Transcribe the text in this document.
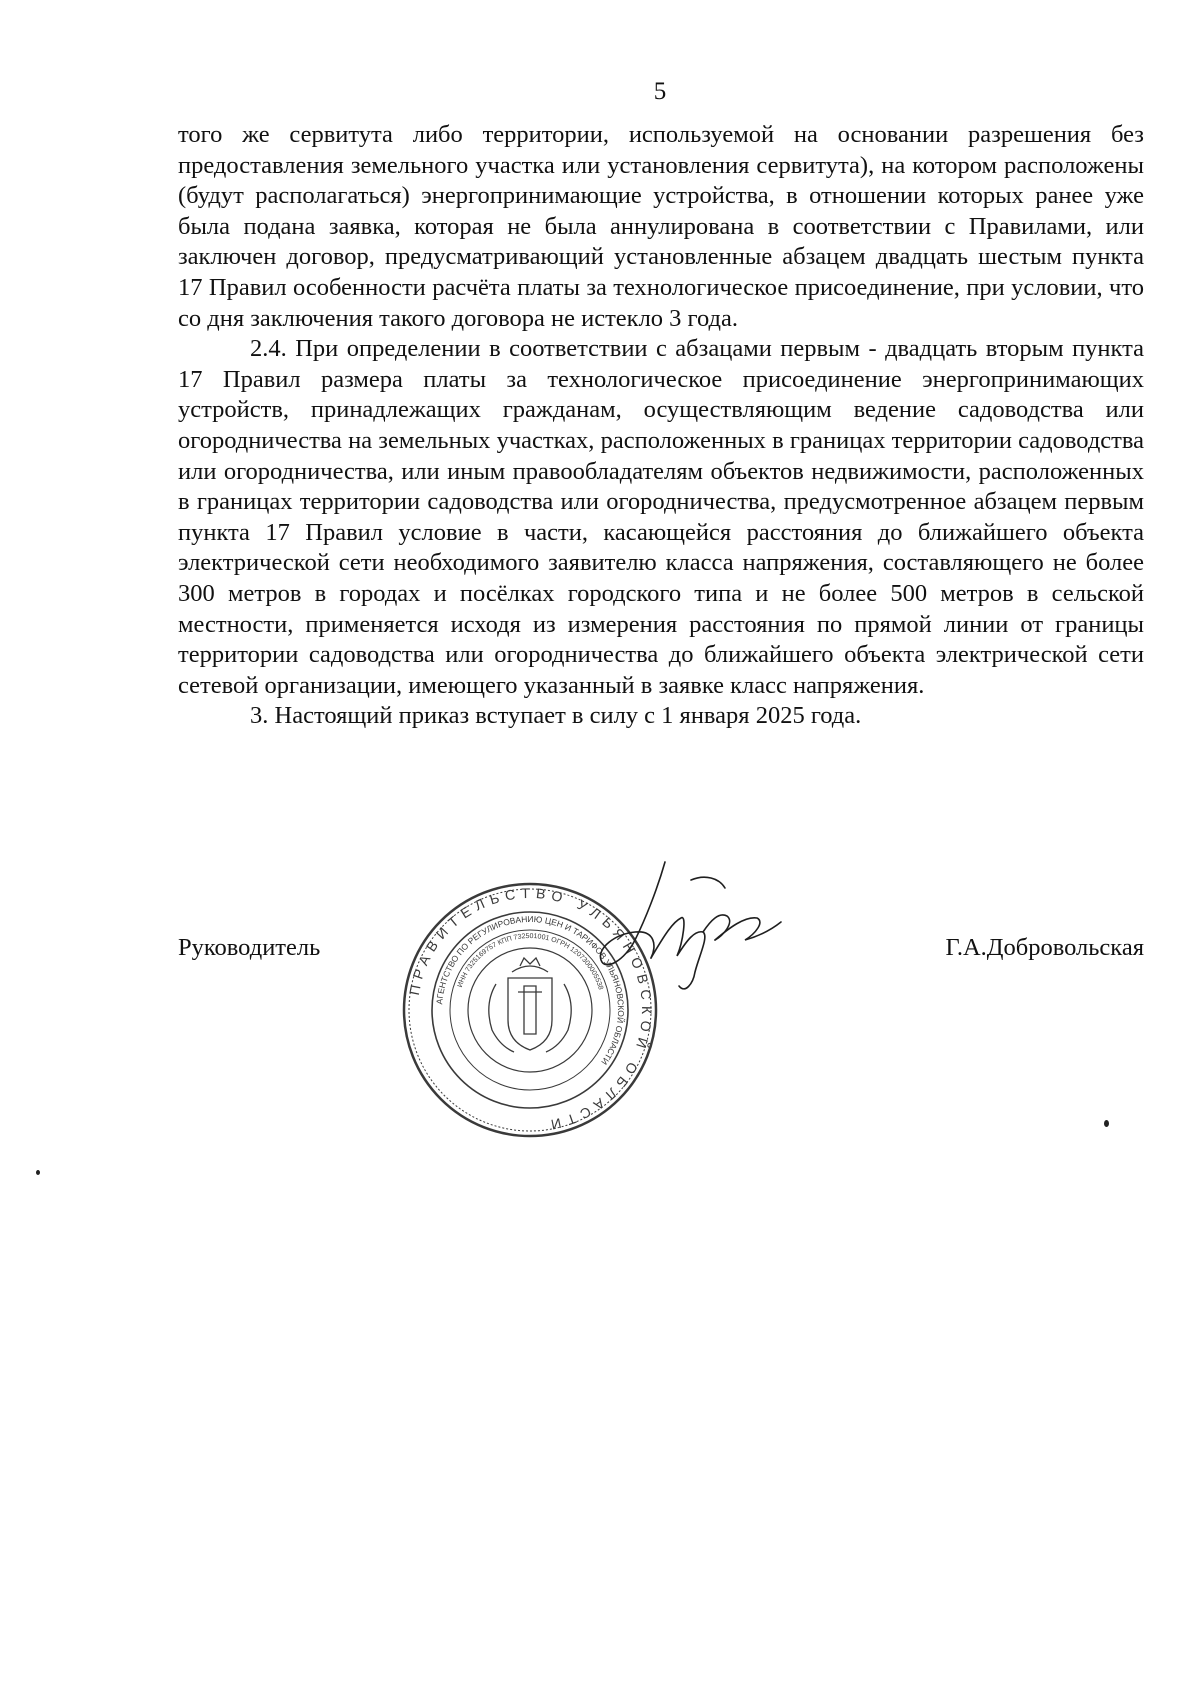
5

того же сервитута либо территории, используемой на основании разрешения без предоставления земельного участка или установления сервитута), на котором расположены (будут располагаться) энергопринимающие устройства, в отношении которых ранее уже была подана заявка, которая не была аннулирована в соответствии с Правилами, или заключен договор, предусматривающий установленные абзацем двадцать шестым пункта 17 Правил особенности расчёта платы за технологическое присоединение, при условии, что со дня заключения такого договора не истекло 3 года.

2.4. При определении в соответствии с абзацами первым - двадцать вторым пункта 17 Правил размера платы за технологическое присоединение энергопринимающих устройств, принадлежащих гражданам, осуществляющим ведение садоводства или огородничества на земельных участках, расположенных в границах территории садоводства или огородничества, или иным правообладателям объектов недвижимости, расположенных в границах территории садоводства или огородничества, предусмотренное абзацем первым пункта 17 Правил условие в части, касающейся расстояния до ближайшего объекта электрической сети необходимого заявителю класса напряжения, составляющего не более 300 метров в городах и посёлках городского типа и не более 500 метров в сельской местности, применяется исходя из измерения расстояния по прямой линии от границы территории садоводства или огородничества до ближайшего объекта электрической сети сетевой организации, имеющего указанный в заявке класс напряжения.

3. Настоящий приказ вступает в силу с 1 января 2025 года.

ПРАВИТЕЛЬСТВО УЛЬЯНОВСКОЙ ОБЛАСТИ
АГЕНТСТВО ПО РЕГУЛИРОВАНИЮ ЦЕН И ТАРИФОВ УЛЬЯНОВСКОЙ ОБЛАСТИ
ИНН 7325169757 КПП 732501001 ОГРН 1207300005538
Руководитель	Г.А.Добровольская
